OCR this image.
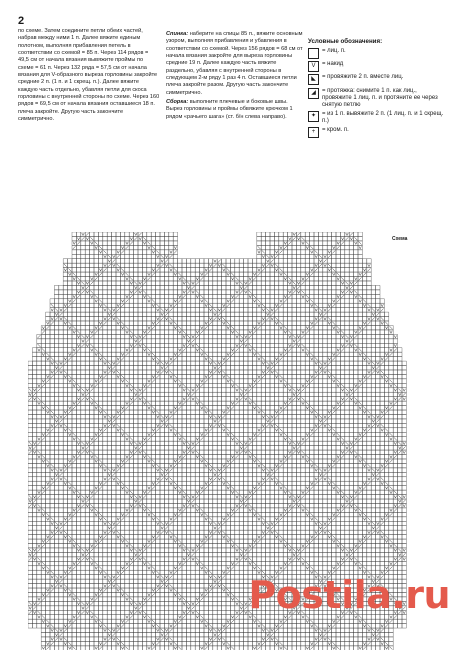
2

по схеме. Затем соедините петли обеих частей, набрав между ними 1 п. Далее вяжите единым полотном, выполняя прибавления петель в соответствии со схемой = 85 п. Через 114 рядов = 49,5 см от начала вязания вывяжите проймы по схеме = 61 п. Через 132 ряда = 57,5 см от начала вязания для V-образного выреза горловины закройте средние 2 п. (1 п. и 1 скрещ. п.). Далее вяжите каждую часть отдельно, убавляя петли для скоса горловины с внутренней стороны по схеме. Через 160 рядов = 69,5 см от начала вязания оставшиеся 18 п. плеча закройте. Другую часть закончите симметрично.

Спинка: наберите на спицы 85 п., вяжите основным узором, выполняя прибавления и убавления в соответствии со схемой. Через 156 рядов = 68 см от начала вязания закройте для выреза горловины средние 19 п. Далее каждую часть вяжите раздельно, убавляя с внутренней стороны в следующем 2-м ряду 1 раз 4 п. Оставшиеся петли плеча закройте разом. Другую часть закончите симметрично.

Сборка: выполните плечевые и боковые швы. Вырез горловины и проймы обвяжите крючком 1 рядом «рачьего шага» (ст. б/н слева направо).

Условные обозначения:
= лиц. п.
V	= накид
◣	= провяжите 2 п. вместе лиц.
◢	= протяжка: снимите 1 п. как лиц., провяжите 1 лиц. п. и протяните ее через снятую петлю
✦ = из 1 п. вывяжите 2 п. (1 лиц. п. и 1 скрещ. п.)
+	= кром. п.
Схема
Postila.ru
